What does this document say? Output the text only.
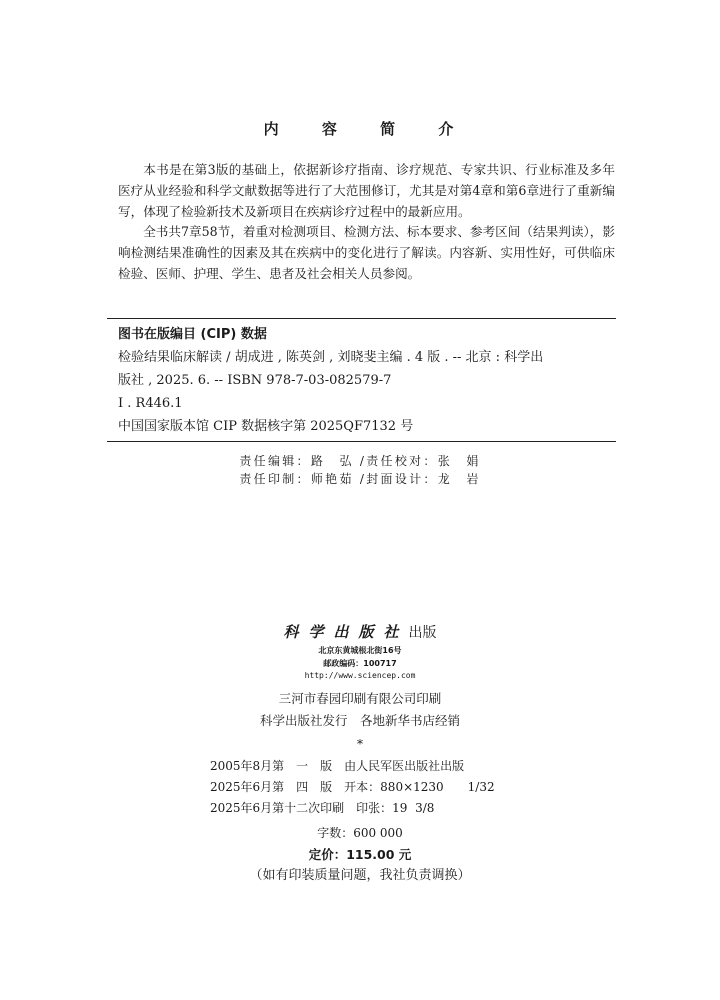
内 容 简 介

本书是在第3版的基础上，依据新诊疗指南、诊疗规范、专家共识、行业标准及多年医疗从业经验和科学文献数据等进行了大范围修订，尤其是对第4章和第6章进行了重新编写，体现了检验新技术及新项目在疾病诊疗过程中的最新应用。

全书共7章58节，着重对检测项目、检测方法、标本要求、参考区间（结果判读），影响检测结果准确性的因素及其在疾病中的变化进行了解读。内容新、实用性好，可供临床检验、医师、护理、学生、患者及社会相关人员参阅。

图书在版编目 (CIP) 数据
检验结果临床解读 / 胡成进 , 陈英剑 , 刘晓斐主编 . 4 版 . -- 北京 : 科学出
版社 , 2025. 6. -- ISBN 978-7-03-082579-7
Ⅰ . R446.1
中国国家版本馆 CIP 数据核字第 2025QF7132 号
责任编辑：路　弘 /责任校对：张　娟
责任印制：师艳茹 /封面设计：龙　岩
科学出版社出版
北京东黄城根北街16号
邮政编码：100717
http://www.sciencep.com
三河市春园印刷有限公司印刷
科学出版社发行　各地新华书店经销
*
2005年8月第　一　版　由人民军医出版社出版
2025年6月第　四　版　开本：880×1230　　1/32
2025年6月第十二次印刷　印张：19  3/8
字数：600 000
定价：115.00 元
（如有印装质量问题，我社负责调换）
